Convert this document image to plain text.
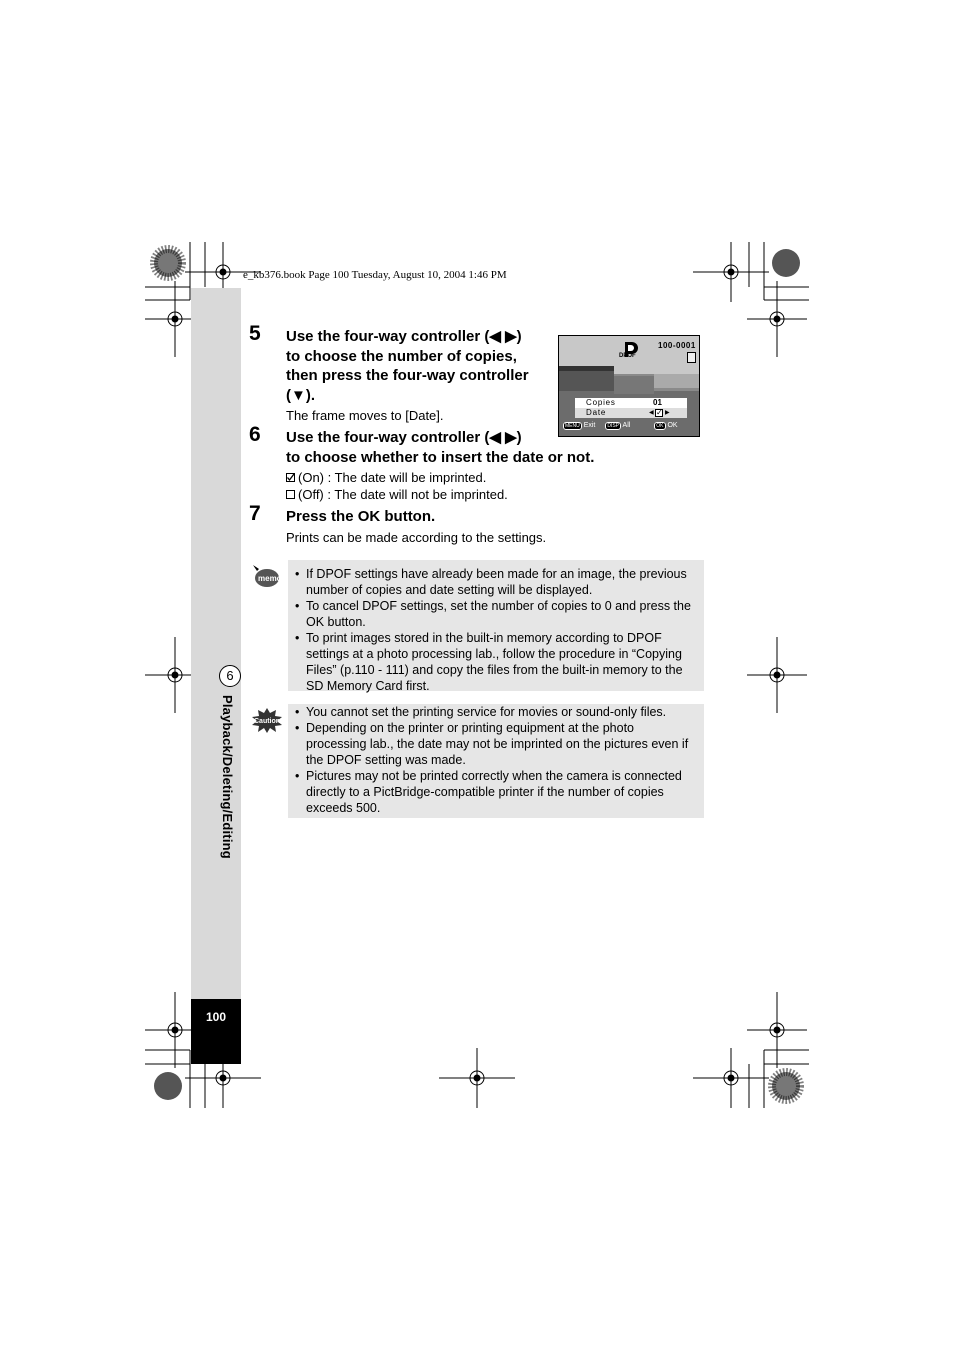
e_kb376.book Page 100 Tuesday, August 10, 2004 1:46 PM
100
6
Playback/Deleting/Editing
5 Use the four-way controller (◀ ▶)
to choose the number of copies,
then press the four-way controller
(▼).
The frame moves to [Date].
DPOF
100-0001
Copies	01
Date	◀ ✓ ▶
MENU Exit DISP All	OK OK
6 Use the four-way controller (◀ ▶)
to choose whether to insert the date or not.
(On) : The date will be imprinted.
(Off) : The date will not be imprinted.
7 Press the OK button.
Prints can be made according to the settings.
memo
• If DPOF settings have already been made for an image, the previous
number of copies and date setting will be displayed.
• To cancel DPOF settings, set the number of copies to 0 and press the
OK button.
• To print images stored in the built-in memory according to DPOF
settings at a photo processing lab., follow the procedure in “Copying
Files” (p.110 - 111) and copy the files from the built-in memory to the
SD Memory Card first.
Caution
• You cannot set the printing service for movies or sound-only files.
• Depending on the printer or printing equipment at the photo
processing lab., the date may not be imprinted on the pictures even if
the DPOF setting was made.
• Pictures may not be printed correctly when the camera is connected
directly to a PictBridge-compatible printer if the number of copies
exceeds 500.
